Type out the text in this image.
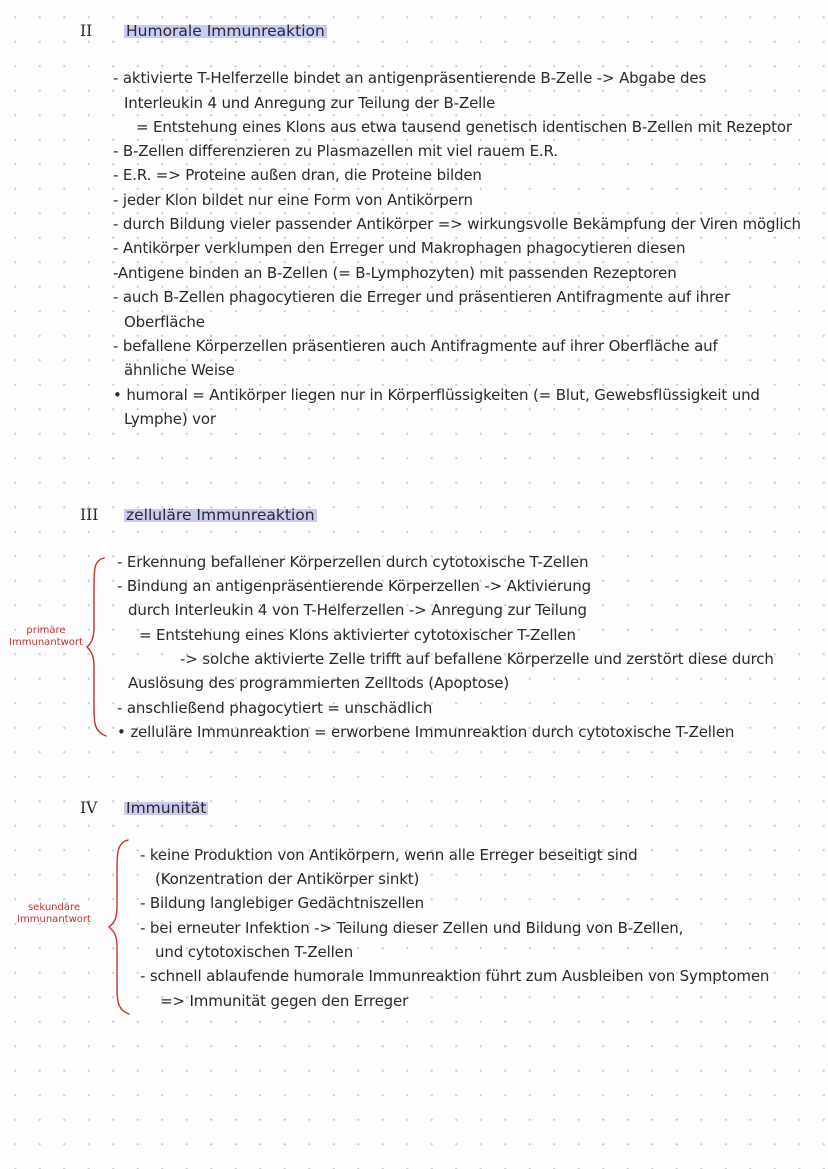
II Humorale Immunreaktion
- aktivierte T-Helferzelle bindet an antigenpräsentierende B-Zelle -> Abgabe des
Interleukin 4 und Anregung zur Teilung der B-Zelle
= Entstehung eines Klons aus etwa tausend genetisch identischen B-Zellen mit Rezeptor
- B-Zellen differenzieren zu Plasmazellen mit viel rauem E.R.
- E.R. => Proteine außen dran, die Proteine bilden
- jeder Klon bildet nur eine Form von Antikörpern
- durch Bildung vieler passender Antikörper => wirkungsvolle Bekämpfung der Viren möglich
- Antikörper verklumpen den Erreger und Makrophagen phagocytieren diesen
-Antigene binden an B-Zellen (= B-Lymphozyten) mit passenden Rezeptoren
- auch B-Zellen phagocytieren die Erreger und präsentieren Antifragmente auf ihrer
Oberfläche
- befallene Körperzellen präsentieren auch Antifragmente auf ihrer Oberfläche auf
ähnliche Weise
• humoral = Antikörper liegen nur in Körperflüssigkeiten (= Blut, Gewebsflüssigkeit und
Lymphe) vor
III zelluläre Immunreaktion
primäre
Immunantwort
- Erkennung befallener Körperzellen durch cytotoxische T-Zellen
- Bindung an antigenpräsentierende Körperzellen -> Aktivierung
durch Interleukin 4 von T-Helferzellen -> Anregung zur Teilung
= Entstehung eines Klons aktivierter cytotoxischer T-Zellen
-> solche aktivierte Zelle trifft auf befallene Körperzelle und zerstört diese durch
Auslösung des programmierten Zelltods (Apoptose)
- anschließend phagocytiert = unschädlich
• zelluläre Immunreaktion = erworbene Immunreaktion durch cytotoxische T-Zellen
IV Immunität
sekundäre
Immunantwort
- keine Produktion von Antikörpern, wenn alle Erreger beseitigt sind
(Konzentration der Antikörper sinkt)
- Bildung langlebiger Gedächtniszellen
- bei erneuter Infektion -> Teilung dieser Zellen und Bildung von B-Zellen,
und cytotoxischen T-Zellen
- schnell ablaufende humorale Immunreaktion führt zum Ausbleiben von Symptomen
=> Immunität gegen den Erreger
